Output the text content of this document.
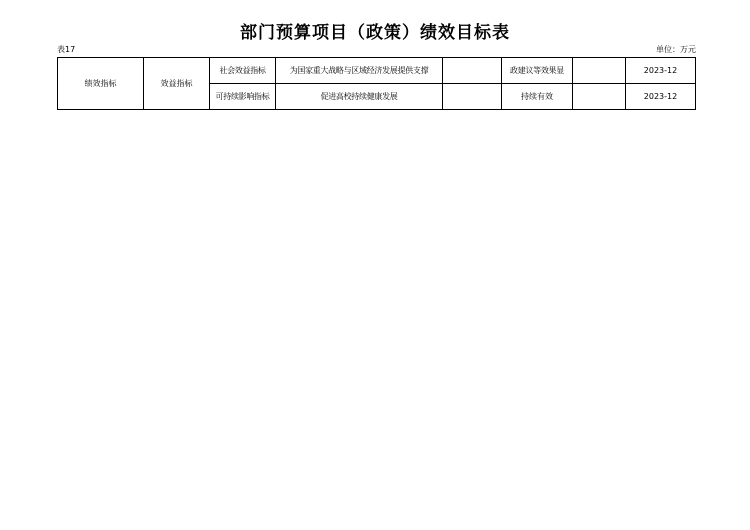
部门预算项目（政策）绩效目标表
表17	单位：万元
绩效指标	效益指标	社会效益指标	为国家重大战略与区域经济发展提供支撑		政建议等效果显		2023-12
		可持续影响指标	促进高校持续健康发展		持续有效		2023-12
